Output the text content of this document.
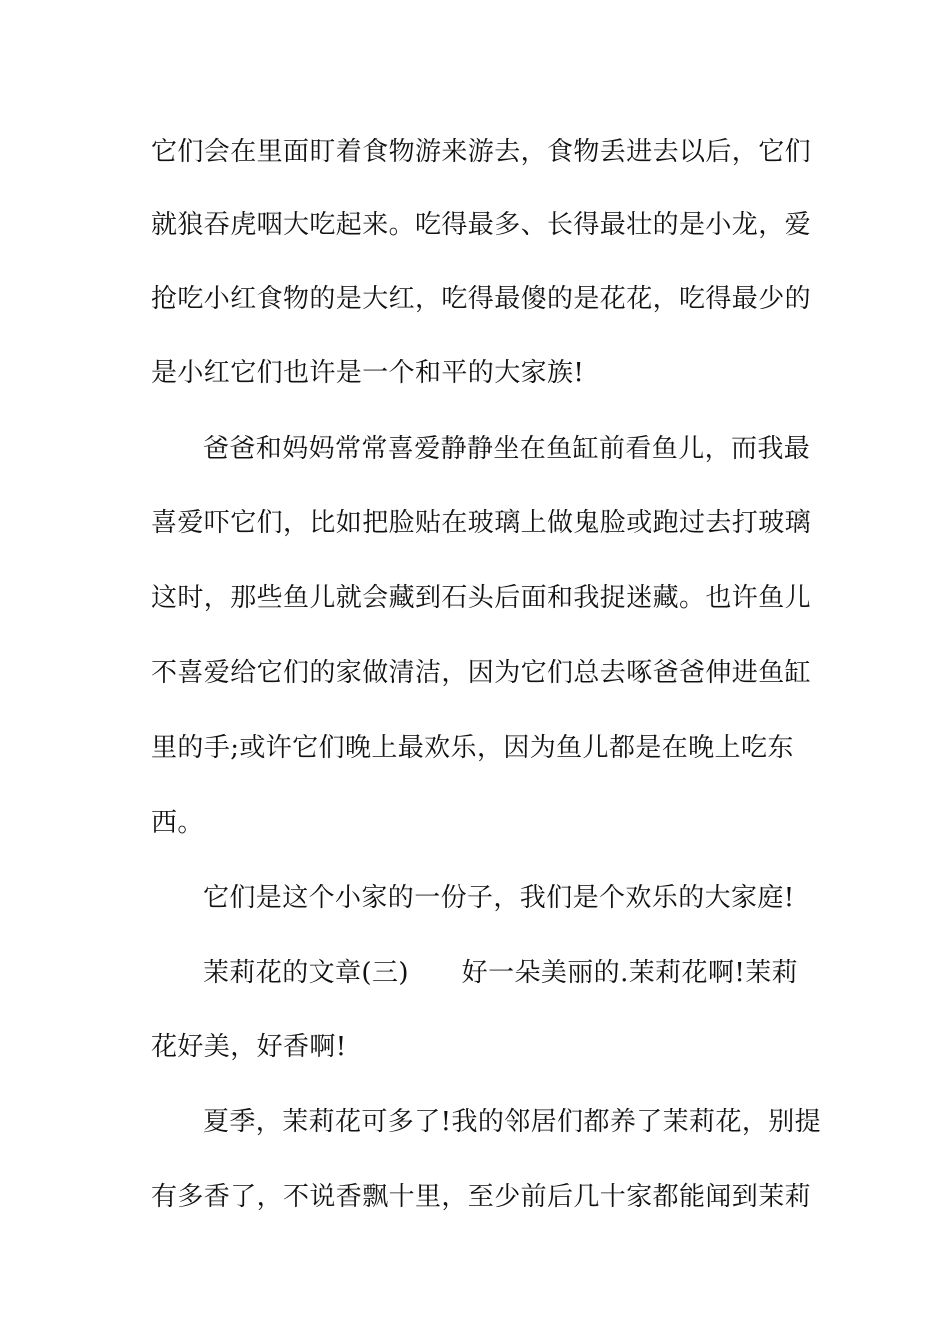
它们会在里面盯着食物游来游去，食物丢进去以后，它们
就狼吞虎咽大吃起来。吃得最多、长得最壮的是小龙，爱
抢吃小红食物的是大红，吃得最傻的是花花，吃得最少的
是小红它们也许是一个和平的大家族!
爸爸和妈妈常常喜爱静静坐在鱼缸前看鱼儿，而我最
喜爱吓它们，比如把脸贴在玻璃上做鬼脸或跑过去打玻璃
这时，那些鱼儿就会藏到石头后面和我捉迷藏。也许鱼儿
不喜爱给它们的家做清洁，因为它们总去啄爸爸伸进鱼缸
里的手;或许它们晚上最欢乐，因为鱼儿都是在晚上吃东
西。
它们是这个小家的一份子，我们是个欢乐的大家庭!
茉莉花的文章(三)　　好一朵美丽的.茉莉花啊!茉莉
花好美，好香啊!
夏季，茉莉花可多了!我的邻居们都养了茉莉花，别提
有多香了，不说香飘十里，至少前后几十家都能闻到茉莉
